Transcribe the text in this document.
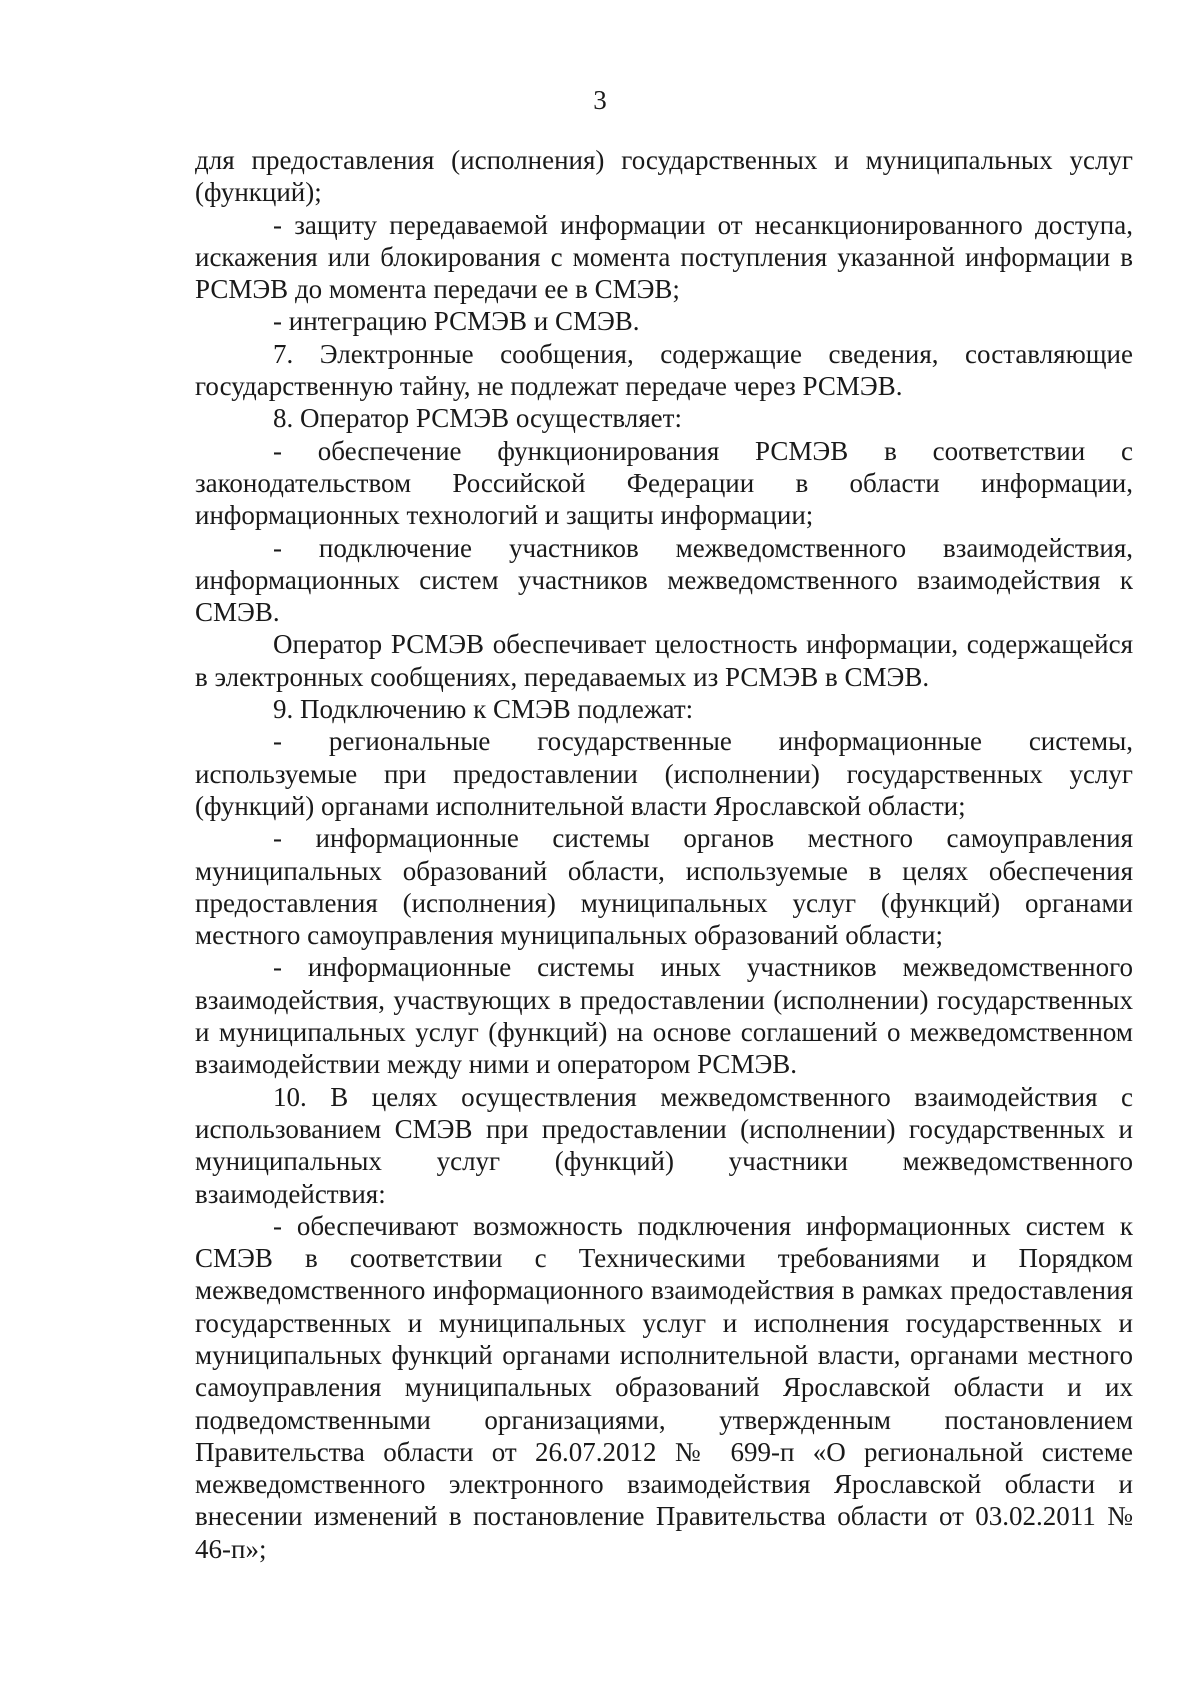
3

для предоставления (исполнения) государственных и муниципальных услуг (функций);

- защиту передаваемой информации от несанкционированного доступа, искажения или блокирования с момента поступления указанной информации в РСМЭВ до момента передачи ее в СМЭВ;

- интеграцию РСМЭВ и СМЭВ.

7. Электронные сообщения, содержащие сведения, составляющие государственную тайну, не подлежат передаче через РСМЭВ.

8. Оператор РСМЭВ осуществляет:

- обеспечение функционирования РСМЭВ в соответствии с законодательством Российской Федерации в области информации, информационных технологий и защиты информации;

- подключение участников межведомственного взаимодействия, информационных систем участников межведомственного взаимодействия к СМЭВ.

Оператор РСМЭВ обеспечивает целостность информации, содержащейся в электронных сообщениях, передаваемых из РСМЭВ в СМЭВ.

9. Подключению к СМЭВ подлежат:

- региональные государственные информационные системы, используемые при предоставлении (исполнении) государственных услуг (функций) органами исполнительной власти Ярославской области;

- информационные системы органов местного самоуправления муниципальных образований области, используемые в целях обеспечения предоставления (исполнения) муниципальных услуг (функций) органами местного самоуправления муниципальных образований области;

- информационные системы иных участников межведомственного взаимодействия, участвующих в предоставлении (исполнении) государственных и муниципальных услуг (функций) на основе соглашений о межведомственном взаимодействии между ними и оператором РСМЭВ.

10. В целях осуществления межведомственного взаимодействия с использованием СМЭВ при предоставлении (исполнении) государственных и муниципальных услуг (функций) участники межведомственного взаимодействия:

- обеспечивают возможность подключения информационных систем к СМЭВ в соответствии с Техническими требованиями и Порядком межведомственного информационного взаимодействия в рамках предоставления государственных и муниципальных услуг и исполнения государственных и муниципальных функций органами исполнительной власти, органами местного самоуправления муниципальных образований Ярославской области и их подведомственными организациями, утвержденным постановлением Правительства области от 26.07.2012 № 699-п «О региональной системе межведомственного электронного взаимодействия Ярославской области и внесении изменений в постановление Правительства области от 03.02.2011 № 46-п»;
